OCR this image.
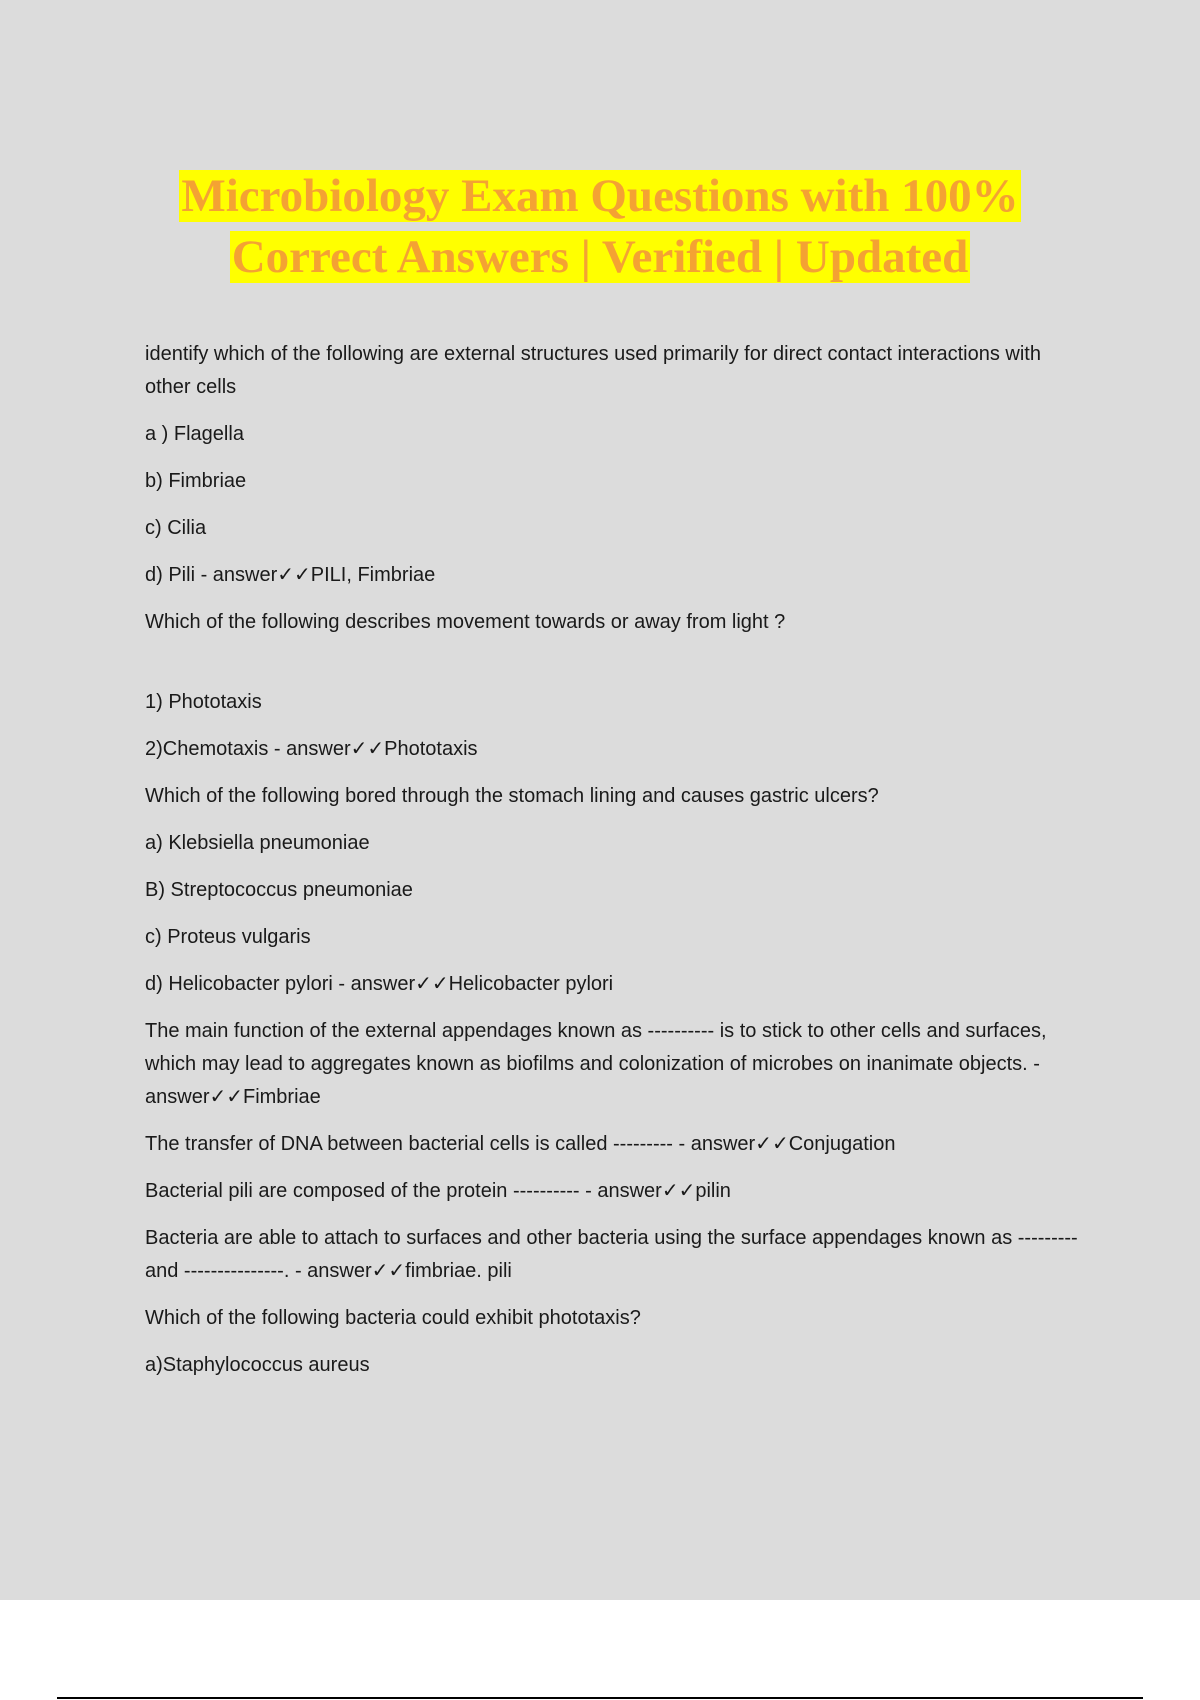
Microbiology Exam Questions with 100%
Correct Answers | Verified | Updated

identify which of the following are external structures used primarily for direct contact interactions with other cells

a ) Flagella

b) Fimbriae

c) Cilia

d) Pili - answer✓✓PILI, Fimbriae

Which of the following describes movement towards or away from light ?

1) Phototaxis

2)Chemotaxis - answer✓✓Phototaxis

Which of the following bored through the stomach lining and causes gastric ulcers?

a) Klebsiella pneumoniae

B) Streptococcus pneumoniae

c) Proteus vulgaris

d) Helicobacter pylori - answer✓✓Helicobacter pylori

The main function of the external appendages known as ---------- is to stick to other cells and surfaces, which may lead to aggregates known as biofilms and colonization of microbes on inanimate objects. - answer✓✓Fimbriae

The transfer of DNA between bacterial cells is called --------- - answer✓✓Conjugation

Bacterial pili are composed of the protein ---------- - answer✓✓pilin

Bacteria are able to attach to surfaces and other bacteria using the surface appendages known as --------- and ---------------. - answer✓✓fimbriae. pili

Which of the following bacteria could exhibit phototaxis?

a)Staphylococcus aureus
